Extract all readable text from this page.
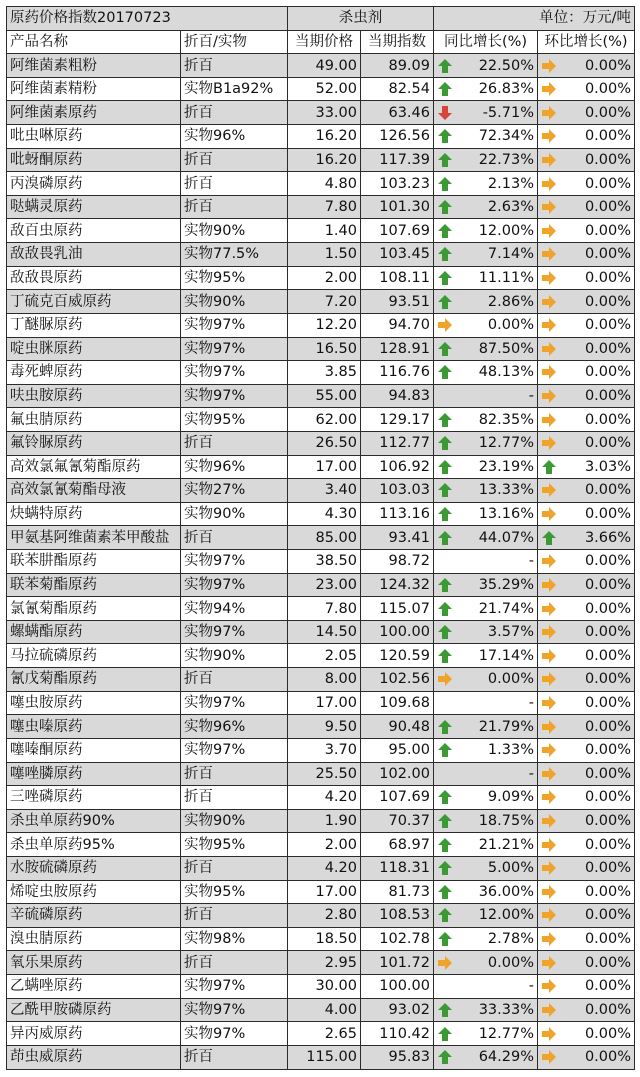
原药价格指数20170723		杀虫剂		单位：万元/吨	
产品名称	折百/实物	当期价格	当期指数	同比增长(%)	环比增长(%)
阿维菌素粗粉	折百	49.00	89.09	22.50%	0.00%

阿维菌素精粉	实物B1a92%	52.00	82.54	26.83%	0.00%

阿维菌素原药	折百	33.00	63.46	-5.71%	0.00%

吡虫啉原药	实物96%	16.20	126.56	72.34%	0.00%

吡蚜酮原药	折百	16.20	117.39	22.73%	0.00%

丙溴磷原药	折百	4.80	103.23	2.13%	0.00%

哒螨灵原药	折百	7.80	101.30	2.63%	0.00%

敌百虫原药	实物90%	1.40	107.69	12.00%	0.00%

敌敌畏乳油	实物77.5%	1.50	103.45	7.14%	0.00%

敌敌畏原药	实物95%	2.00	108.11	11.11%	0.00%

丁硫克百威原药	实物90%	7.20	93.51	2.86%	0.00%

丁醚脲原药	实物97%	12.20	94.70	0.00%	0.00%

啶虫脒原药	实物97%	16.50	128.91	87.50%	0.00%

毒死蜱原药	实物97%	3.85	116.76	48.13%	0.00%

呋虫胺原药	实物97%	55.00	94.83	-	0.00%

氟虫腈原药	实物95%	62.00	129.17	82.35%	0.00%

氟铃脲原药	折百	26.50	112.77	12.77%	0.00%

高效氯氟氰菊酯原药	实物96%	17.00	106.92	23.19%	3.03%

高效氯氰菊酯母液	实物27%	3.40	103.03	13.33%	0.00%

炔螨特原药	实物90%	4.30	113.16	13.16%	0.00%

甲氨基阿维菌素苯甲酸盐	折百	85.00	93.41	44.07%	3.66%

联苯肼酯原药	实物97%	38.50	98.72	-	0.00%

联苯菊酯原药	实物97%	23.00	124.32	35.29%	0.00%

氯氰菊酯原药	实物94%	7.80	115.07	21.74%	0.00%

螺螨酯原药	实物97%	14.50	100.00	3.57%	0.00%

马拉硫磷原药	实物90%	2.05	120.59	17.14%	0.00%

氰戊菊酯原药	折百	8.00	102.56	0.00%	0.00%

噻虫胺原药	实物97%	17.00	109.68	-	0.00%

噻虫嗪原药	实物96%	9.50	90.48	21.79%	0.00%

噻嗪酮原药	实物97%	3.70	95.00	1.33%	0.00%

噻唑膦原药	折百	25.50	102.00	-	0.00%

三唑磷原药	折百	4.20	107.69	9.09%	0.00%

杀虫单原药90%	实物90%	1.90	70.37	18.75%	0.00%

杀虫单原药95%	实物95%	2.00	68.97	21.21%	0.00%

水胺硫磷原药	折百	4.20	118.31	5.00%	0.00%

烯啶虫胺原药	实物95%	17.00	81.73	36.00%	0.00%

辛硫磷原药	折百	2.80	108.53	12.00%	0.00%

溴虫腈原药	实物98%	18.50	102.78	2.78%	0.00%

氧乐果原药	折百	2.95	101.72	0.00%	0.00%

乙螨唑原药	实物97%	30.00	100.00	-	0.00%

乙酰甲胺磷原药	实物97%	4.00	93.02	33.33%	0.00%

异丙威原药	实物97%	2.65	110.42	12.77%	0.00%

茚虫威原药	折百	115.00	95.83	64.29%	0.00%
